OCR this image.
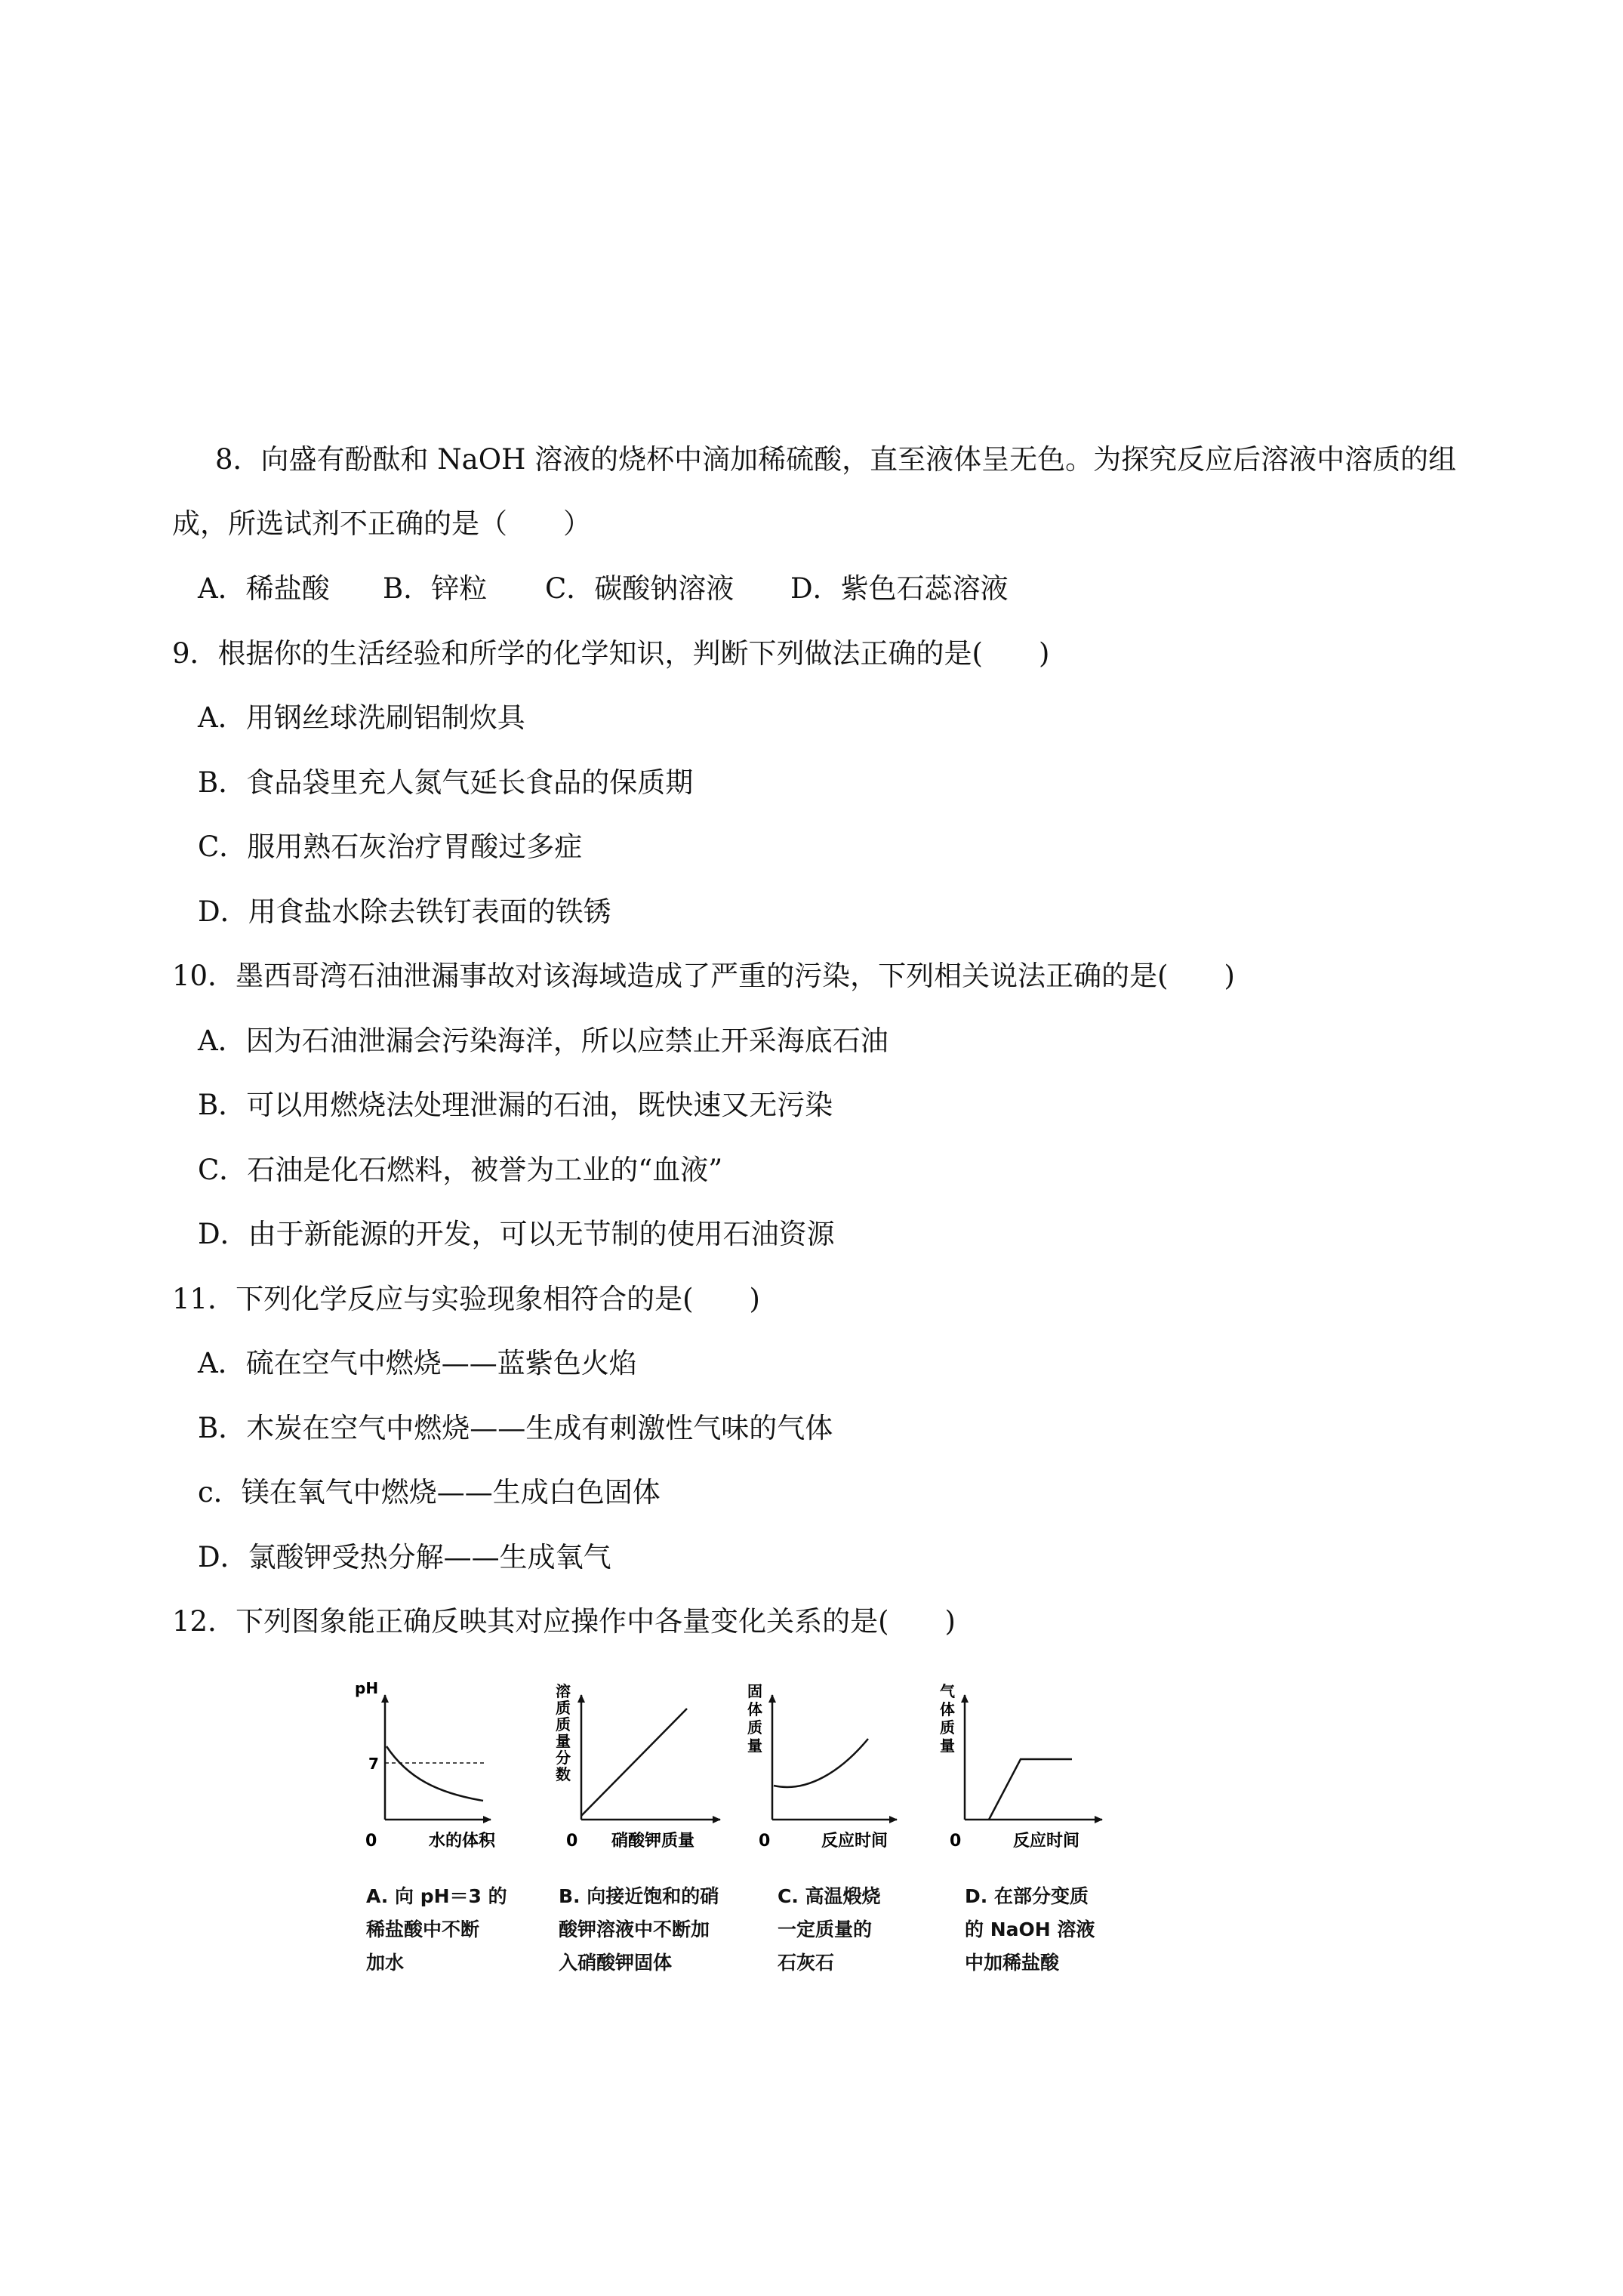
8．向盛有酚酞和 NaOH 溶液的烧杯中滴加稀硫酸，直至液体呈无色。为探究反应后溶液中溶质的组
成，所选试剂不正确的是（　　）
A．稀盐酸 B．锌粒 C．碳酸钠溶液 D．紫色石蕊溶液
9．根据你的生活经验和所学的化学知识，判断下列做法正确的是(　　)
A．用钢丝球洗刷铝制炊具
B．食品袋里充人氮气延长食品的保质期
C．服用熟石灰治疗胃酸过多症
D．用食盐水除去铁钉表面的铁锈
10．墨西哥湾石油泄漏事故对该海域造成了严重的污染，下列相关说法正确的是(　　)
A．因为石油泄漏会污染海洋，所以应禁止开采海底石油
B．可以用燃烧法处理泄漏的石油，既快速又无污染
C．石油是化石燃料，被誉为工业的“血液”
D．由于新能源的开发，可以无节制的使用石油资源
11．下列化学反应与实验现象相符合的是(　　)
A．硫在空气中燃烧——蓝紫色火焰
B．木炭在空气中燃烧——生成有刺激性气味的气体
c．镁在氧气中燃烧——生成白色固体
D．氯酸钾受热分解——生成氧气
12．下列图象能正确反映其对应操作中各量变化关系的是(　　)
pH
7
0	水的体积
溶
质
质
量
分
数
0 硝酸钾质量
固
体
质
量
0	反应时间
气
体
质
量
0	反应时间
A. 向 pH＝3 的
稀盐酸中不断
加水
B. 向接近饱和的硝
酸钾溶液中不断加
入硝酸钾固体
C. 高温煅烧
一定质量的
石灰石
D. 在部分变质
的 NaOH 溶液
中加稀盐酸
